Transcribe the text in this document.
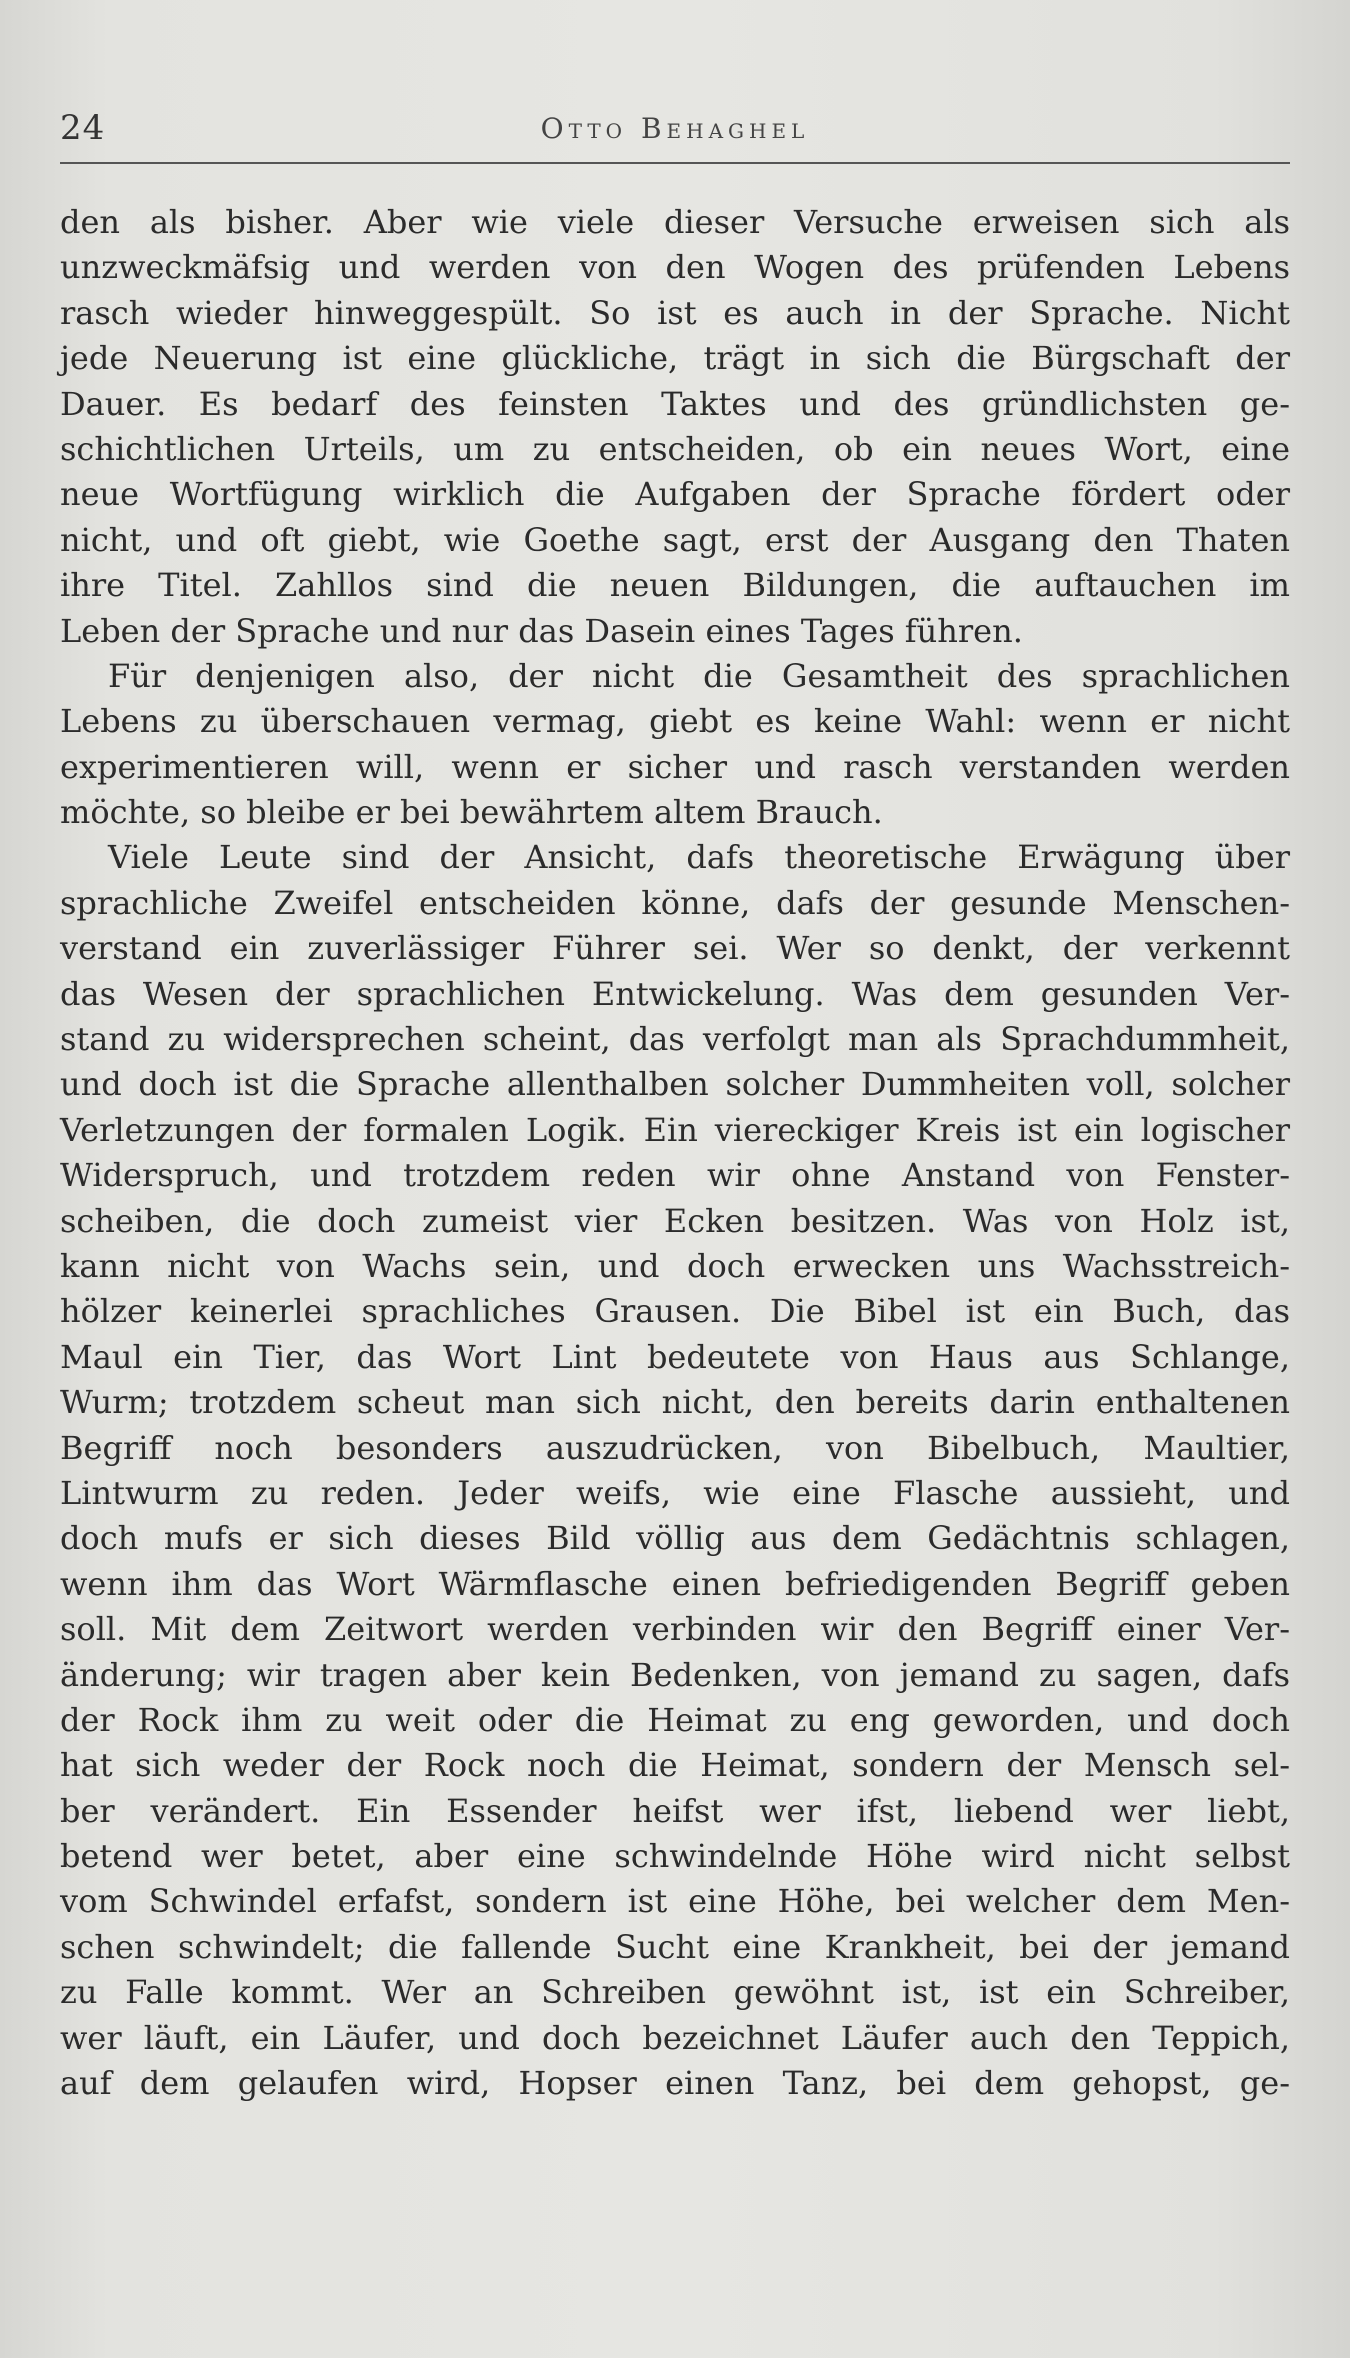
24	Otto Behaghel
den als bisher. Aber wie viele dieser Versuche erweisen sich als
unzweckmäfsig und werden von den Wogen des prüfenden Lebens
rasch wieder hinweggespült. So ist es auch in der Sprache. Nicht
jede Neuerung ist eine glückliche, trägt in sich die Bürgschaft der
Dauer. Es bedarf des feinsten Taktes und des gründlichsten ge-
schichtlichen Urteils, um zu entscheiden, ob ein neues Wort, eine
neue Wortfügung wirklich die Aufgaben der Sprache fördert oder
nicht, und oft giebt, wie Goethe sagt, erst der Ausgang den Thaten
ihre Titel. Zahllos sind die neuen Bildungen, die auftauchen im
Leben der Sprache und nur das Dasein eines Tages führen.
Für denjenigen also, der nicht die Gesamtheit des sprachlichen
Lebens zu überschauen vermag, giebt es keine Wahl: wenn er nicht
experimentieren will, wenn er sicher und rasch verstanden werden
möchte, so bleibe er bei bewährtem altem Brauch.
Viele Leute sind der Ansicht, dafs theoretische Erwägung über
sprachliche Zweifel entscheiden könne, dafs der gesunde Menschen-
verstand ein zuverlässiger Führer sei. Wer so denkt, der verkennt
das Wesen der sprachlichen Entwickelung. Was dem gesunden Ver-
stand zu widersprechen scheint, das verfolgt man als Sprachdummheit,
und doch ist die Sprache allenthalben solcher Dummheiten voll, solcher
Verletzungen der formalen Logik. Ein viereckiger Kreis ist ein logischer
Widerspruch, und trotzdem reden wir ohne Anstand von Fenster-
scheiben, die doch zumeist vier Ecken besitzen. Was von Holz ist,
kann nicht von Wachs sein, und doch erwecken uns Wachsstreich-
hölzer keinerlei sprachliches Grausen. Die Bibel ist ein Buch, das
Maul ein Tier, das Wort Lint bedeutete von Haus aus Schlange,
Wurm; trotzdem scheut man sich nicht, den bereits darin enthaltenen
Begriff noch besonders auszudrücken, von Bibelbuch, Maultier,
Lintwurm zu reden. Jeder weifs, wie eine Flasche aussieht, und
doch mufs er sich dieses Bild völlig aus dem Gedächtnis schlagen,
wenn ihm das Wort Wärmflasche einen befriedigenden Begriff geben
soll. Mit dem Zeitwort werden verbinden wir den Begriff einer Ver-
änderung; wir tragen aber kein Bedenken, von jemand zu sagen, dafs
der Rock ihm zu weit oder die Heimat zu eng geworden, und doch
hat sich weder der Rock noch die Heimat, sondern der Mensch sel-
ber verändert. Ein Essender heifst wer ifst, liebend wer liebt,
betend wer betet, aber eine schwindelnde Höhe wird nicht selbst
vom Schwindel erfafst, sondern ist eine Höhe, bei welcher dem Men-
schen schwindelt; die fallende Sucht eine Krankheit, bei der jemand
zu Falle kommt. Wer an Schreiben gewöhnt ist, ist ein Schreiber,
wer läuft, ein Läufer, und doch bezeichnet Läufer auch den Teppich,
auf dem gelaufen wird, Hopser einen Tanz, bei dem gehopst, ge-
